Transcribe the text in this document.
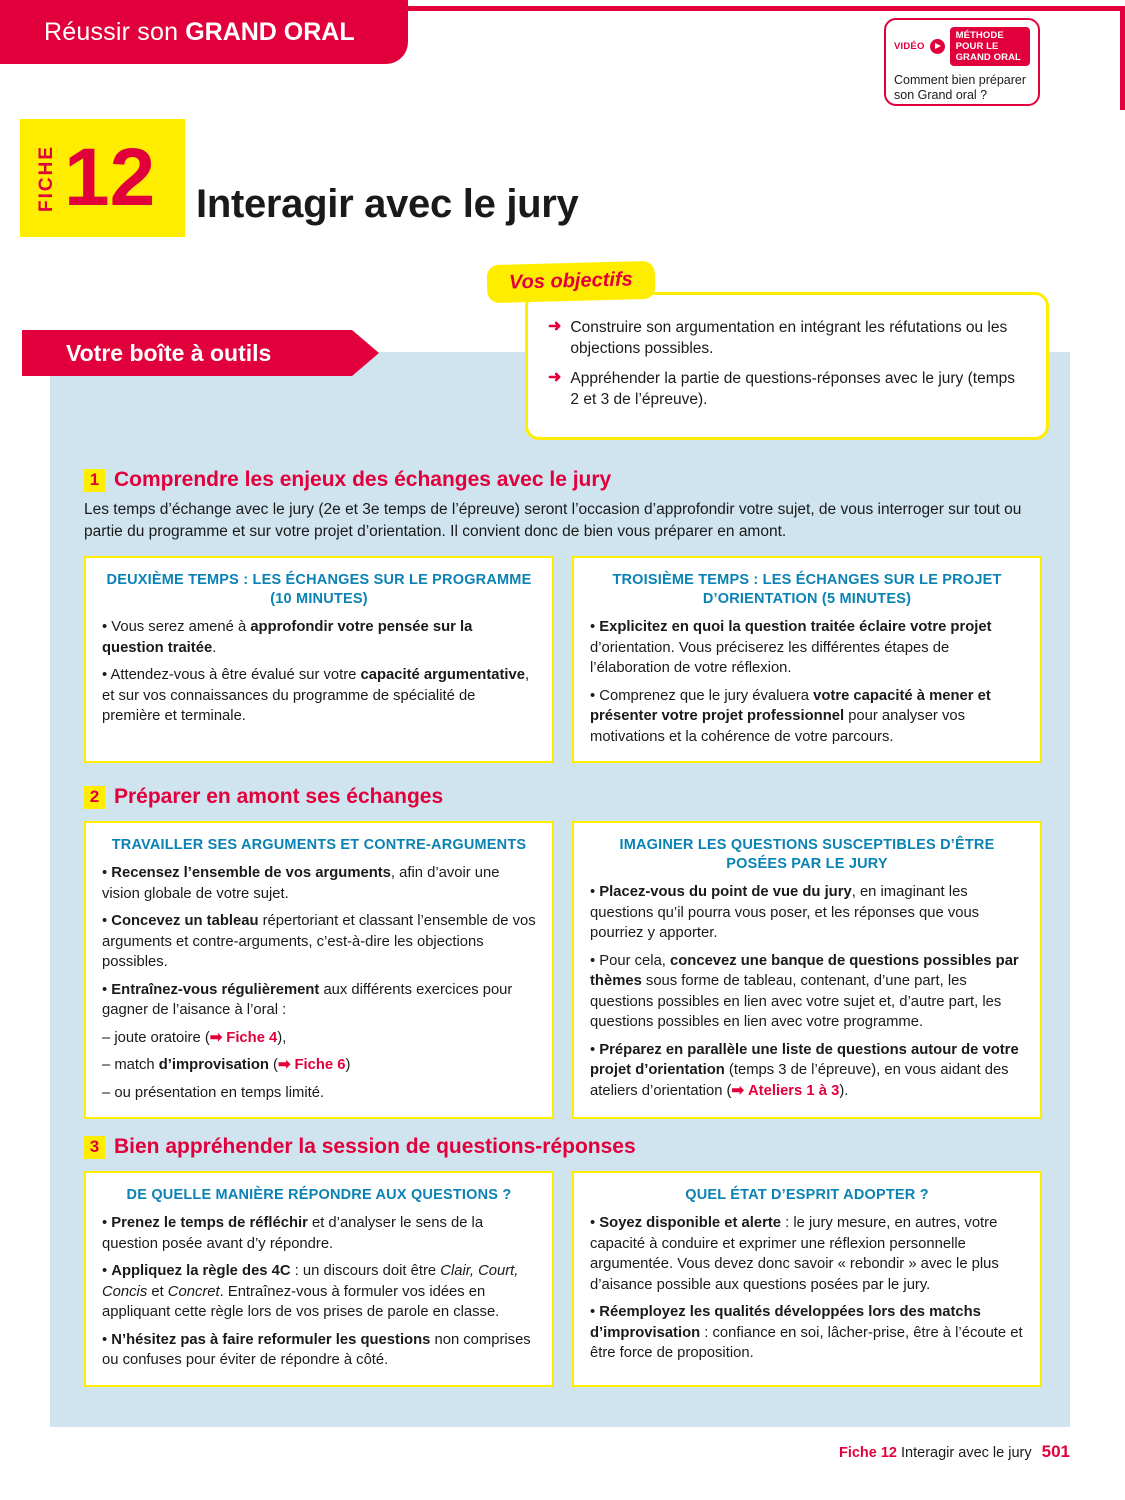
Réussir son GRAND ORAL
VIDÉO
MÉTHODE POUR LE GRAND ORAL
Comment bien préparer son Grand oral ?
FICHE 12 Interagir avec le jury
Votre boîte à outils
➜ Construire son argumentation en intégrant les réfutations ou les objections possibles.

➜ Appréhender la partie de questions-réponses avec le jury (temps 2 et 3 de l’épreuve).

Vos objectifs
1 Comprendre les enjeux des échanges avec le jury

Les temps d’échange avec le jury (2e et 3e temps de l’épreuve) seront l’occasion d’approfondir votre sujet, de vous interroger sur tout ou partie du programme et sur votre projet d’orientation. Il convient donc de bien vous préparer en amont.

DEUXIÈME TEMPS : LES ÉCHANGES SUR LE PROGRAMME (10 MINUTES)

• Vous serez amené à approfondir votre pensée sur la question traitée.

• Attendez-vous à être évalué sur votre capacité argumentative, et sur vos connaissances du programme de spécialité de première et terminale.

TROISIÈME TEMPS : LES ÉCHANGES SUR LE PROJET D’ORIENTATION (5 MINUTES)

• Explicitez en quoi la question traitée éclaire votre projet d’orientation. Vous préciserez les différentes étapes de l’élaboration de votre réflexion.

• Comprenez que le jury évaluera votre capacité à mener et présenter votre projet professionnel pour analyser vos motivations et la cohérence de votre parcours.

2 Préparer en amont ses échanges
TRAVAILLER SES ARGUMENTS ET CONTRE-ARGUMENTS

• Recensez l’ensemble de vos arguments, afin d’avoir une vision globale de votre sujet.

• Concevez un tableau répertoriant et classant l’ensemble de vos arguments et contre-arguments, c’est-à-dire les objections possibles.

• Entraînez-vous régulièrement aux différents exercices pour gagner de l’aisance à l’oral :

– joute oratoire (➡ Fiche 4),

– match d’improvisation (➡ Fiche 6)

– ou présentation en temps limité.

IMAGINER LES QUESTIONS SUSCEPTIBLES D’ÊTRE POSÉES PAR LE JURY

• Placez-vous du point de vue du jury, en imaginant les questions qu’il pourra vous poser, et les réponses que vous pourriez y apporter.

• Pour cela, concevez une banque de questions possibles par thèmes sous forme de tableau, contenant, d’une part, les questions possibles en lien avec votre sujet et, d’autre part, les questions possibles en lien avec votre programme.

• Préparez en parallèle une liste de questions autour de votre projet d’orientation (temps 3 de l’épreuve), en vous aidant des ateliers d’orientation (➡ Ateliers 1 à 3).

3 Bien appréhender la session de questions-réponses
DE QUELLE MANIÈRE RÉPONDRE AUX QUESTIONS ?

• Prenez le temps de réfléchir et d’analyser le sens de la question posée avant d’y répondre.

• Appliquez la règle des 4C : un discours doit être Clair, Court, Concis et Concret. Entraînez-vous à formuler vos idées en appliquant cette règle lors de vos prises de parole en classe.

• N’hésitez pas à faire reformuler les questions non comprises ou confuses pour éviter de répondre à côté.

QUEL ÉTAT D’ESPRIT ADOPTER ?

• Soyez disponible et alerte : le jury mesure, en autres, votre capacité à conduire et exprimer une réflexion personnelle argumentée. Vous devez donc savoir « rebondir » avec le plus d’aisance possible aux questions posées par le jury.

• Réemployez les qualités développées lors des matchs d’improvisation : confiance en soi, lâcher-prise, être à l’écoute et être force de proposition.

Fiche 12 Interagir avec le jury 501
